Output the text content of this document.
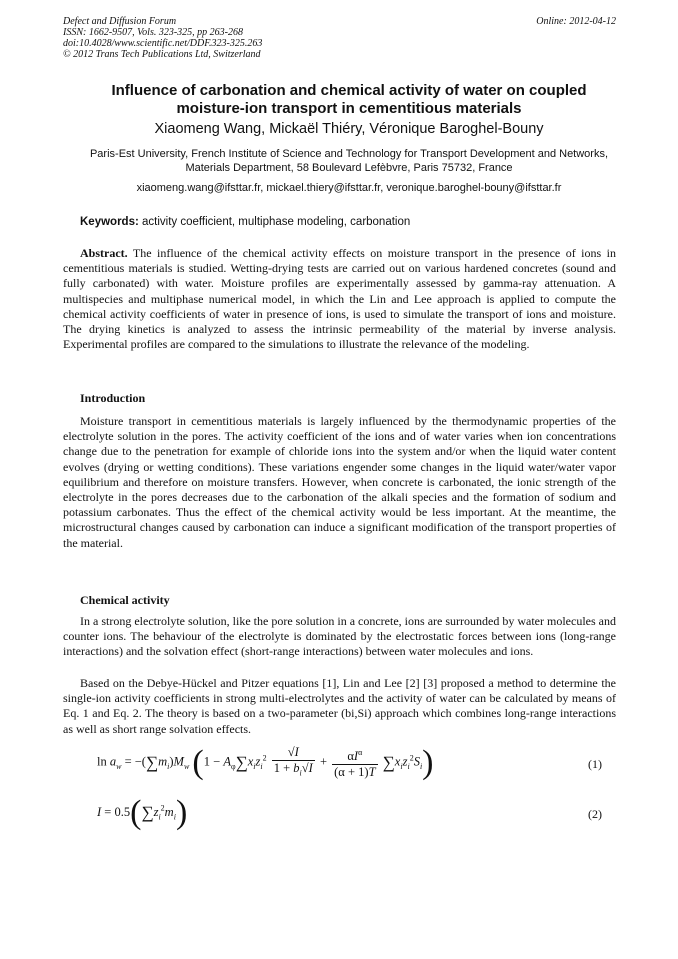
Defect and Diffusion Forum
ISSN: 1662-9507, Vols. 323-325, pp 263-268
doi:10.4028/www.scientific.net/DDF.323-325.263
© 2012 Trans Tech Publications Ltd, Switzerland
Online: 2012-04-12
Influence of carbonation and chemical activity of water on coupled moisture-ion transport in cementitious materials
Xiaomeng Wang, Mickaël Thiéry, Véronique Baroghel-Bouny
Paris-Est University, French Institute of Science and Technology for Transport Development and Networks, Materials Department, 58 Boulevard Lefèbvre, Paris 75732, France
xiaomeng.wang@ifsttar.fr, mickael.thiery@ifsttar.fr, veronique.baroghel-bouny@ifsttar.fr
Keywords: activity coefficient, multiphase modeling, carbonation

Abstract. The influence of the chemical activity effects on moisture transport in the presence of ions in cementitious materials is studied. Wetting-drying tests are carried out on various hardened concretes (sound and fully carbonated) with water. Moisture profiles are experimentally assessed by gamma-ray attenuation. A multispecies and multiphase numerical model, in which the Lin and Lee approach is applied to compute the chemical activity coefficients of water in presence of ions, is used to simulate the transport of ions and moisture. The drying kinetics is analyzed to assess the intrinsic permeability of the material by inverse analysis. Experimental profiles are compared to the simulations to illustrate the relevance of the modeling.

Introduction

Moisture transport in cementitious materials is largely influenced by the thermodynamic properties of the electrolyte solution in the pores. The activity coefficient of the ions and of water varies when ion concentrations change due to the penetration for example of chloride ions into the system and/or when the liquid water content evolves (drying or wetting conditions). These variations engender some changes in the liquid water/water vapor equilibrium and therefore on moisture transfers. However, when concrete is carbonated, the ionic strength of the electrolyte in the pores decreases due to the carbonation of the alkali species and the formation of sodium and potassium carbonates. Thus the effect of the chemical activity would be less important. At the meantime, the microstructural changes caused by carbonation can induce a significant modification of the transport properties of the material.

Chemical activity

In a strong electrolyte solution, like the pore solution in a concrete, ions are surrounded by water molecules and counter ions. The behaviour of the electrolyte is dominated by the electrostatic forces between ions (long-range interactions) and the solvation effect (short-range interactions) between water molecules and ions.

Based on the Debye-Hückel and Pitzer equations [1], Lin and Lee [2] [3] proposed a method to determine the single-ion activity coefficients in strong multi-electrolytes and the activity of water can be calculated by means of Eq. 1 and Eq. 2. The theory is based on a two-parameter (bi,Si) approach which combines long-range interactions as well as short range solvation effects.

$\ln a_w = -(\sum m_i)M_w$ $(1 - A_\varphi\sum x_iz_i^2 \frac{√I}{1 + b_i√I} + \frac{\alpha I^\alpha}{(\alpha + 1)T} \sum x_iz_i^2S_i)$	(1)
$I = 0.5(\sum z_i^2m_i)$	(2)
